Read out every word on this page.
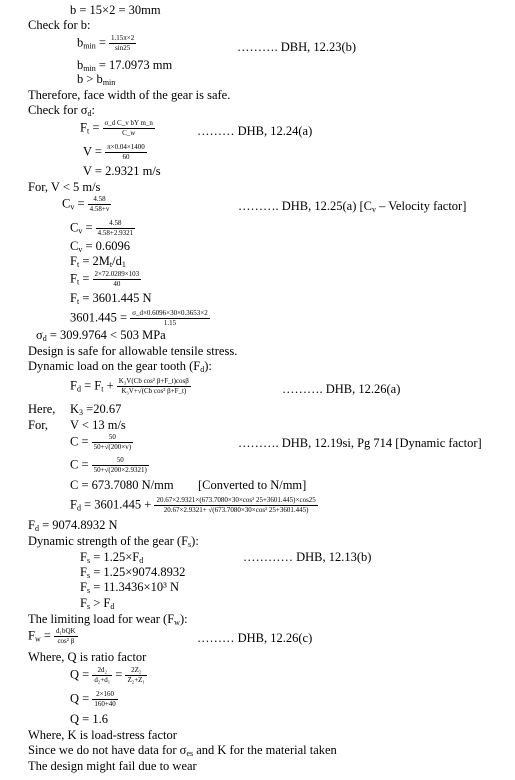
b = 15×2 = 30mm
Check for b:
$b_{min} = \frac{1.15\pi\times 2}{\sin 25}$	………. DBH, 12.23(b)
$b_{min} = 17.0973$ mm
$b > b_{min}$
Therefore, face width of the gear is safe.
Check for $\sigma_d$:
$F_t = \frac{\text{σ\_d C\_v bY m\_n}}{C\_w}$	……… DHB, 12.24(a)
$V = \frac{\pi\times 0.04\times 1400}{60}$
V = 2.9321 m/s
For, V < 5 m/s
$C_v = \frac{4.58}{4.58+v}$	………. DHB, 12.25(a) [$C_v$ – Velocity factor]
$C_v = \frac{4.58}{4.58+2.9321}$
$C_v = 0.6096$
$F_t = 2M_t/d_1$
$F_t = \frac{2\times 72.0289\times 103}{40}$
$F_t = 3601.445$ N
$3601.445 = \frac{\sigma\_d\times 0.6096\times 30\times 0.3653\times 2}{1.15}$
$\sigma_d = 309.9764 < 503$ MPa
Design is safe for allowable tensile stress.
Dynamic load on the gear tooth $(F_d)$:
$F_d = F_t + \frac{\text{K₃V(Cb cos² β+F\_t)cosβ}}{\text{K₃V+√(Cb cos² β+F\_t)}}$	………. DHB, 12.26(a)
Here, $K_3 =20.67$
For, V < 13 m/s
$C = \frac{50}{50+√(200\times v)}$	………. DHB, 12.19si, Pg 714 [Dynamic factor]
$C = \frac{50}{50+√(200\times 2.9321)}$
C = 673.7080 N/mm [Converted to N/mm]
$F_d = 3601.445 + \frac{\text{20.67×2.9321×(673.7080×30×cos² 25+3601.445)×cos25}}{\text{20.67×2.9321+ √(673.7080×30×cos² 25+3601.445)}}$
$F_d = 9074.8932$ N
Dynamic strength of the gear $(F_s)$:
$F_s = 1.25\times F_d$	………… DHB, 12.13(b)
$F_s = 1.25\times 9074.8932$
$F_s = 11.3436\times 10^3$ N
$F_s > F_d$
The limiting load for wear $(F_w)$:
$F_w = \frac{\text{d₁bQK}}{\text{cos² β}}$	……… DHB, 12.26(c)
Where, Q is ratio factor
$Q = \frac{\text{2d₂}}{\text{d₂+d₁}} = \frac{\text{2Z₂}}{\text{Z₂+Z₁}}$
$Q = \frac{2\times 160}{160+40}$
Q = 1.6
Where, K is load-stress factor
Since we do not have data for $\sigma_{es}$ and K for the material taken
The design might fail due to wear
